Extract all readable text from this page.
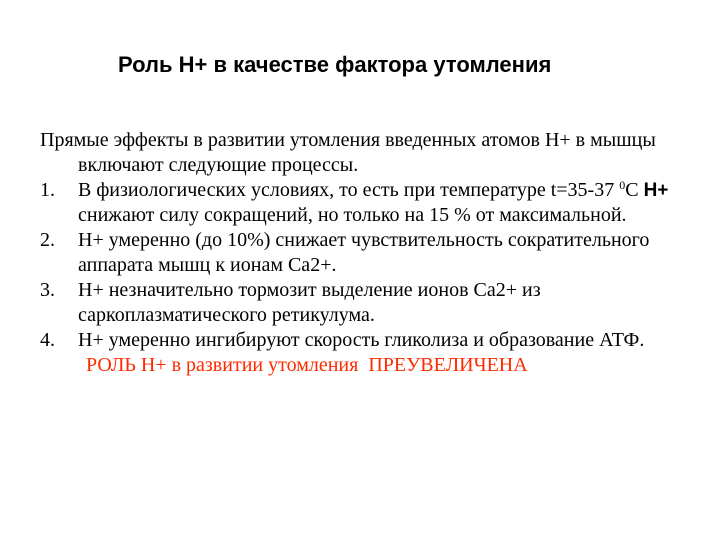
Роль Н+ в качестве фактора утомления

Прямые эффекты в развитии утомления введенных атомов Н+ в мышцы включают следующие процессы.

1. В физиологических условиях, то есть при температуре t=35-37 $^0$С Н+ снижают силу сокращений, но только на 15 % от максимальной.
2. Н+ умеренно (до 10%) снижает чувствительность сократительного аппарата мышц к ионам Са2+.
3. Н+ незначительно тормозит выделение ионов Са2+ из саркоплазматического ретикулума.
4. Н+ умеренно ингибируют скорость гликолиза и образование АТФ.

РОЛЬ Н+ в развитии утомления ПРЕУВЕЛИЧЕНА
